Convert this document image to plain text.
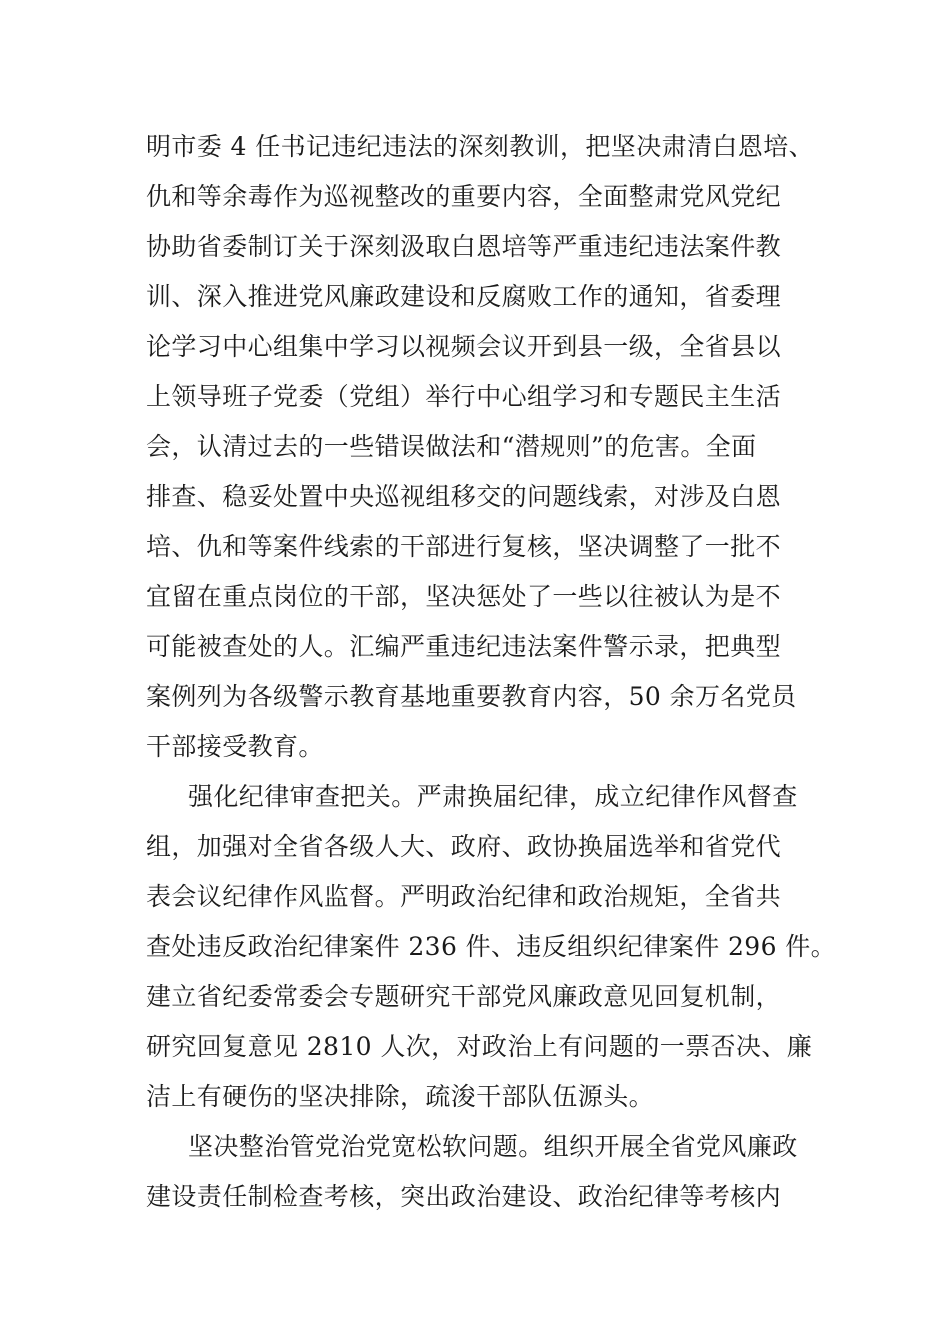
明市委 4 任书记违纪违法的深刻教训，把坚决肃清白恩培、
仇和等余毒作为巡视整改的重要内容，全面整肃党风党纪
协助省委制订关于深刻汲取白恩培等严重违纪违法案件教
训、深入推进党风廉政建设和反腐败工作的通知，省委理
论学习中心组集中学习以视频会议开到县一级，全省县以
上领导班子党委（党组）举行中心组学习和专题民主生活
会，认清过去的一些错误做法和“潜规则”的危害。全面
排查、稳妥处置中央巡视组移交的问题线索，对涉及白恩
培、仇和等案件线索的干部进行复核，坚决调整了一批不
宜留在重点岗位的干部，坚决惩处了一些以往被认为是不
可能被查处的人。汇编严重违纪违法案件警示录，把典型
案例列为各级警示教育基地重要教育内容，50 余万名党员
干部接受教育。
强化纪律审查把关。严肃换届纪律，成立纪律作风督查
组，加强对全省各级人大、政府、政协换届选举和省党代
表会议纪律作风监督。严明政治纪律和政治规矩，全省共
查处违反政治纪律案件 236 件、违反组织纪律案件 296 件。
建立省纪委常委会专题研究干部党风廉政意见回复机制，
研究回复意见 2810 人次，对政治上有问题的一票否决、廉
洁上有硬伤的坚决排除，疏浚干部队伍源头。
坚决整治管党治党宽松软问题。组织开展全省党风廉政
建设责任制检查考核，突出政治建设、政治纪律等考核内
